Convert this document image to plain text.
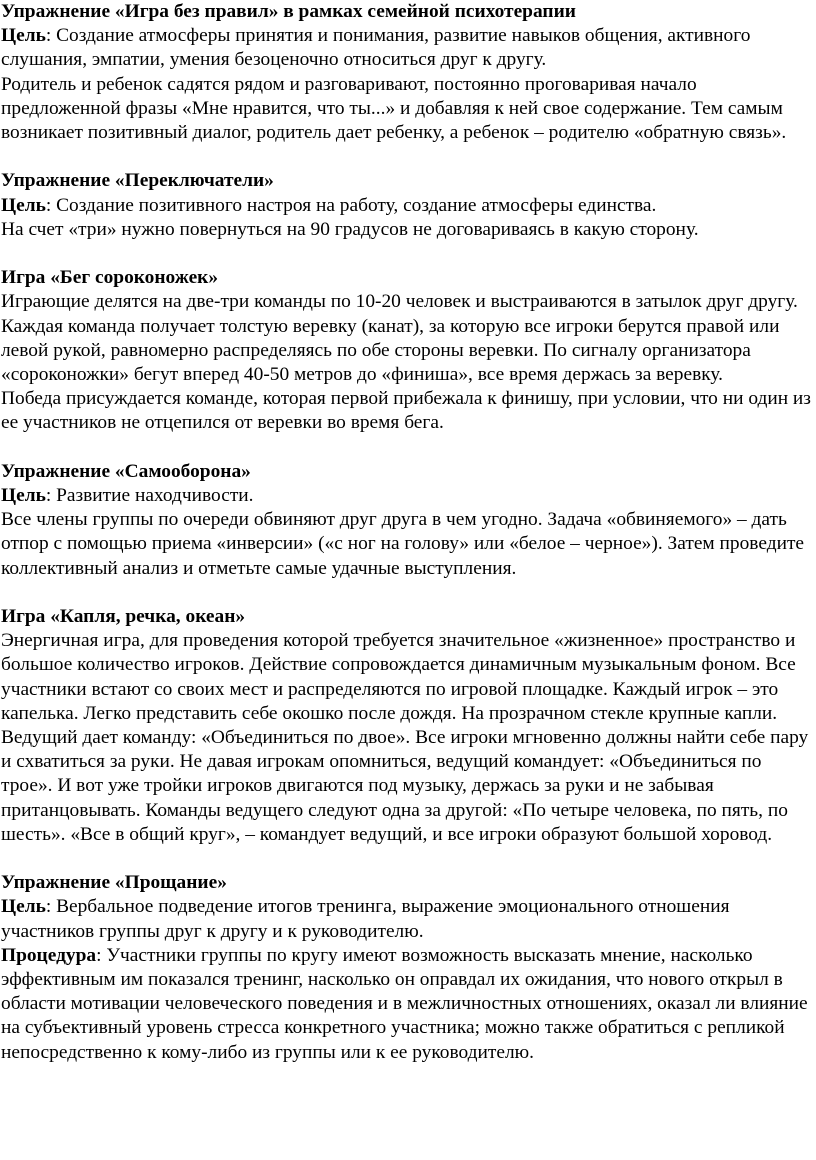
Упражнение «Игра без правил» в рамках семейной психотерапии

Цель: Создание атмосферы принятия и понимания, развитие навыков общения, активного слушания, эмпатии, умения безоценочно относиться друг к другу.

Родитель и ребенок садятся рядом и разговаривают, постоянно проговаривая начало предложенной фразы «Мне нравится, что ты...» и добавляя к ней свое содержание. Тем самым возникает позитивный диалог, родитель дает ребенку, а ребенок – родителю «обратную связь».

Упражнение «Переключатели»

Цель: Создание позитивного настроя на работу, создание атмосферы единства.

На счет «три» нужно повернуться на 90 градусов не договариваясь в какую сторону.

Игра «Бег сороконожек»

Играющие делятся на две-три команды по 10-20 человек и выстраиваются в затылок друг другу. Каждая команда получает толстую веревку (канат), за которую все игроки берутся правой или левой рукой, равномерно распределяясь по обе стороны веревки. По сигналу организатора «сороконожки» бегут вперед 40-50 метров до «финиша», все время держась за веревку.

Победа присуждается команде, которая первой прибежала к финишу, при условии, что ни один из ее участников не отцепился от веревки во время бега.

Упражнение «Самооборона»

Цель: Развитие находчивости.

Все члены группы по очереди обвиняют друг друга в чем угодно. Задача «обвиняемого» – дать отпор с помощью приема «инверсии» («с ног на голову» или «белое – черное»). Затем проведите коллективный анализ и отметьте самые удачные выступления.

Игра «Капля, речка, океан»

Энергичная игра, для проведения которой требуется значительное «жизненное» пространство и большое количество игроков. Действие сопровождается динамичным музыкальным фоном. Все участники встают со своих мест и распределяются по игровой площадке. Каждый игрок – это капелька. Легко представить себе окошко после дождя. На прозрачном стекле крупные капли. Ведущий дает команду: «Объединиться по двое». Все игроки мгновенно должны найти себе пару и схватиться за руки. Не давая игрокам опомниться, ведущий командует: «Объединиться по трое». И вот уже тройки игроков двигаются под музыку, держась за руки и не забывая пританцовывать. Команды ведущего следуют одна за другой: «По четыре человека, по пять, по шесть». «Все в общий круг», – командует ведущий, и все игроки образуют большой хоровод.

Упражнение «Прощание»

Цель: Вербальное подведение итогов тренинга, выражение эмоционального отношения участников группы друг к другу и к руководителю.

Процедура: Участники группы по кругу имеют возможность высказать мнение, насколько эффективным им показался тренинг, насколько он оправдал их ожидания, что нового открыл в области мотивации человеческого поведения и в межличностных отношениях, оказал ли влияние на субъективный уровень стресса конкретного участника; можно также обратиться с репликой непосредственно к кому-либо из группы или к ее руководителю.
